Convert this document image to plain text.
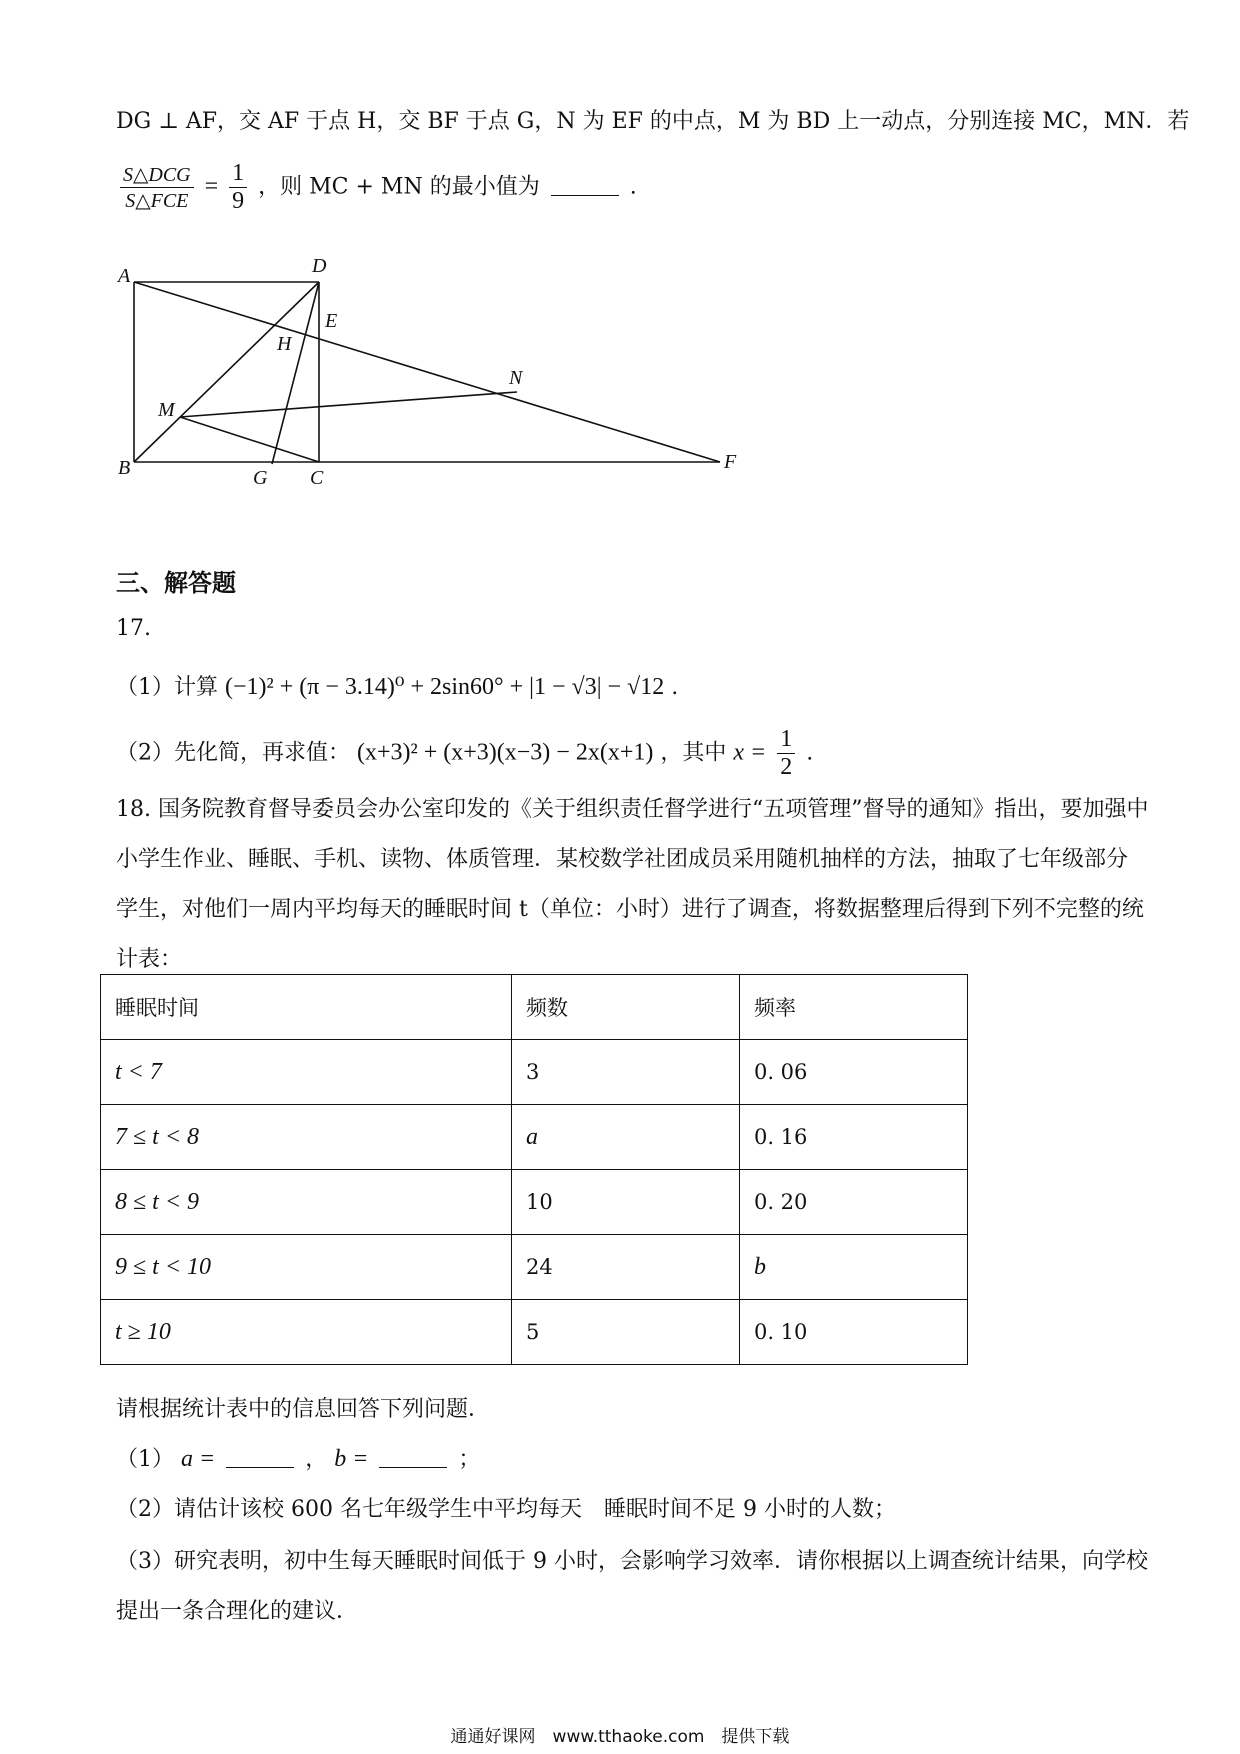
DG ⊥ AF，交 AF 于点 H，交 BF 于点 G，N 为 EF 的中点，M 为 BD 上一动点，分别连接 MC，MN．若
$\frac{\text{S△DCG}}{\text{S△FCE}} = \frac{1}{9}$ ，则 MC + MN 的最小值为	.
A	D
E
H
N
M
B	G C
F
三、解答题
17.
（1）计算 (−1)² + (π − 3.14)⁰ + 2sin60° + |1 − √3| − √12 .
（2）先化简，再求值： (x+3)² + (x+3)(x−3) − 2x(x+1) ，其中 $x = \frac{1}{2}$ .
18. 国务院教育督导委员会办公室印发的《关于组织责任督学进行“五项管理”督导的通知》指出，要加强中
小学生作业、睡眠、手机、读物、体质管理．某校数学社团成员采用随机抽样的方法，抽取了七年级部分
学生，对他们一周内平均每天的睡眠时间 t（单位：小时）进行了调查，将数据整理后得到下列不完整的统
计表：
睡眠时间	频数	频率
t < 7	3	0. 06
7 ≤ t < 8	a	0. 16
8 ≤ t < 9	10	0. 20
9 ≤ t < 10	24	b
t ≥ 10	5	0. 10
请根据统计表中的信息回答下列问题．
（1） a =	， b =	；
（2）请估计该校 600 名七年级学生中平均每天　睡眠时间不足 9 小时的人数；
（3）研究表明，初中生每天睡眠时间低于 9 小时，会影响学习效率．请你根据以上调查统计结果，向学校
提出一条合理化的建议．
通通好课网　www.tthaoke.com　提供下载
